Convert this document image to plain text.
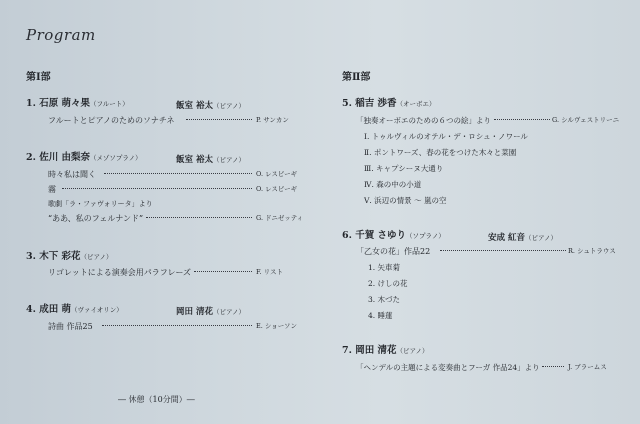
Program
第Ⅰ部
1. 石原 萌々果（フルート）	飯室 裕太（ピアノ）
フルートとピアノのためのソナチネ	P. サンカン
2. 佐川 由梨奈（メゾソプラノ）	飯室 裕太（ピアノ）
時々私は聞く	O. レスピーギ
霧	O. レスピーギ
歌劇「ラ・ファヴォリータ」より
“ああ、私のフェルナンド”	G. ドニゼッティ
3. 木下 彩花（ピアノ）
リゴレットによる演奏会用パラフレーズ	F. リスト
4. 成田 萌（ヴァイオリン）	岡田 清花（ピアノ）
詩曲 作品25	E. ショーソン
― 休憩（10分間）―
第Ⅱ部
5. 稲吉 渉香（オーボエ）
「独奏オーボエのための６つの絵」より	G. シルヴェストリーニ
Ⅰ. トゥルヴィルのオテル・デ・ロシュ・ノワール
Ⅱ. ポントワーズ、春の花をつけた木々と菜園
Ⅲ. キャプシーヌ大通り
Ⅳ. 森の中の小道
Ⅴ. 浜辺の情景 〜 嵐の空
6. 千賀 さゆり（ソプラノ）	安成 紅音（ピアノ）
「乙女の花」作品22	R. シュトラウス
1. 矢車菊
2. けしの花
3. 木づた
4. 睡蓮
7. 岡田 清花（ピアノ）
「ヘンデルの主題による変奏曲とフーガ 作品24」より	J. ブラームス
